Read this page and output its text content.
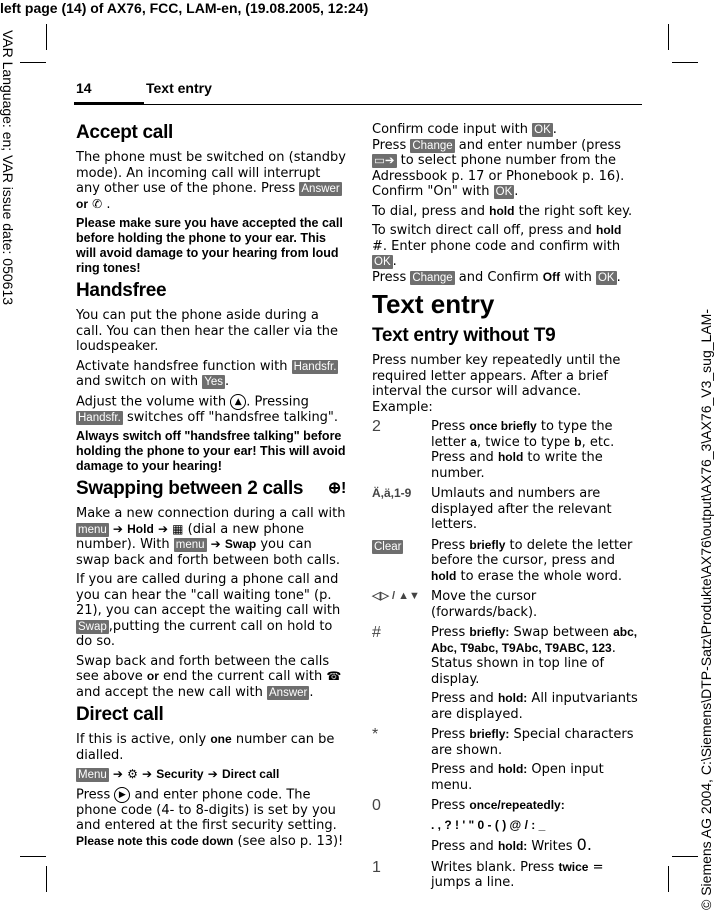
left page (14) of AX76, FCC, LAM-en, (19.08.2005, 12:24)
VAR Language: en; VAR issue date: 050613
© Siemens AG 2004, C:\Siemens\DTP-Satz\Produkte\AX76\output\AX76_3\AX76_V3_sug_LAM-
14	Text entry
Accept call

The phone must be switched on (standby mode). An incoming call will interrupt any other use of the phone. Press Answer or ✆ .

Please make sure you have accepted the call before holding the phone to your ear. This will avoid damage to your hearing from loud ring tones!

Handsfree

You can put the phone aside during a call. You can then hear the caller via the loudspeaker.

Activate handsfree function with Handsfr. and switch on with Yes .

Adjust the volume with ▲ . Pressing Handsfr. switches off "handsfree talking".

Always switch off "handsfree talking" before holding the phone to your ear! This will avoid damage to your hearing!

Swapping between 2 calls ⊕!

Make a new connection during a call with menu ➔ Hold ➔ ▦ (dial a new phone number). With menu ➔ Swap you can swap back and forth between both calls.

If you are called during a phone call and you can hear the "call waiting tone" (p. 21), you can accept the waiting call with Swap ,putting the current call on hold to do so.

Swap back and forth between the calls see above or end the current call with ☎ and accept the new call with Answer .

Direct call

If this is active, only one number can be dialled.

Menu ➔ ⚙ ➔ Security ➔ Direct call

Press ▶ and enter phone code. The phone code (4- to 8-digits) is set by you and entered at the first security setting. Please note this code down (see also p. 13)!

Confirm code input with OK .
Press Change and enter number (press
▭➔ to select phone number from the Adressbook p. 17 or Phonebook p. 16). Confirm "On" with OK .

To dial, press and hold the right soft key.

To switch direct call off, press and hold #. Enter phone code and confirm with OK .
Press Change and Confirm Off with OK .

Text entry
Text entry without T9

Press number key repeatedly until the required letter appears. After a brief interval the cursor will advance. Example:

2	Press once briefly to type the letter a, twice to type b, etc. Press and hold to write the number.
Ä,ä,1-9	Umlauts and numbers are displayed after the relevant letters.
Clear	Press briefly to delete the letter before the cursor, press and hold to erase the whole word.
◁▷ / ▲▼ Move the cursor (forwards/back).
#	Press briefly: Swap between abc, Abc, T9abc, T9Abc, T9ABC, 123. Status shown in top line of display.

Press and hold: All inputvariants are displayed.
*	Press briefly: Special characters are shown.

Press and hold: Open input menu.
0	Press once/repeatedly:

. , ? ! ' " 0 - ( ) @ / : _

Press and hold: Writes 0.
1	Writes blank. Press twice = jumps a line.
